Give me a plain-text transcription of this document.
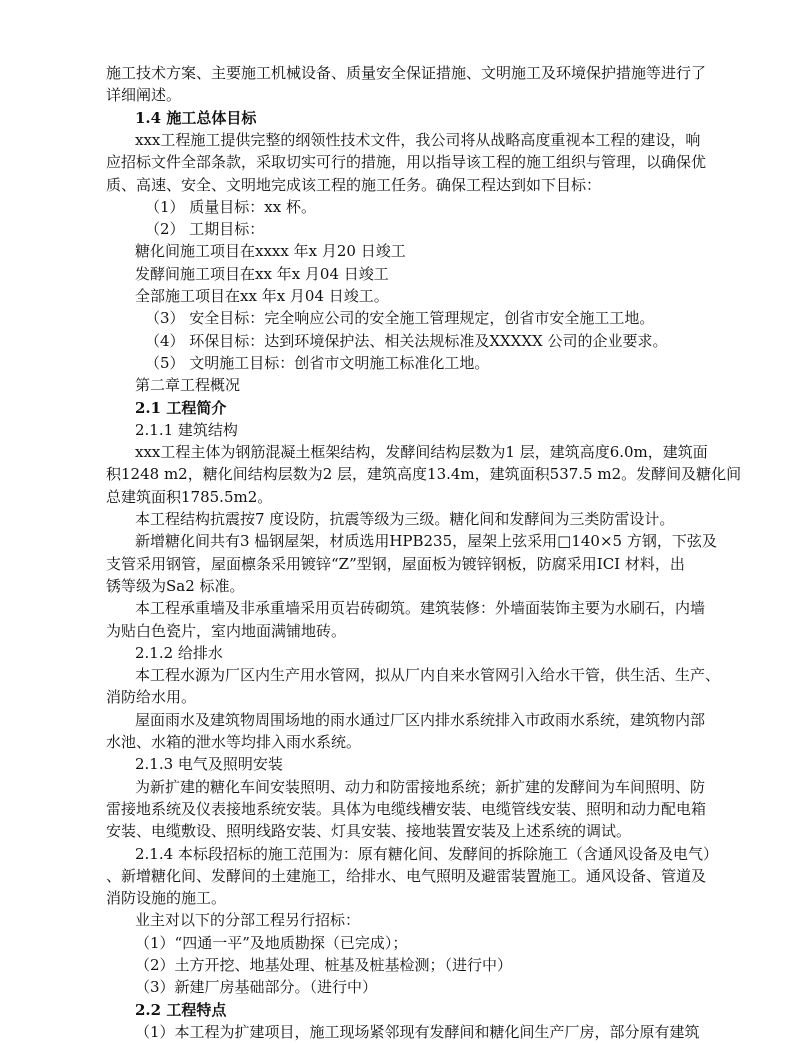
施工技术方案、主要施工机械设备、质量安全保证措施、文明施工及环境保护措施等进行了
详细阐述。
1.4 施工总体目标
xxx工程施工提供完整的纲领性技术文件，我公司将从战略高度重视本工程的建设，响
应招标文件全部条款，采取切实可行的措施，用以指导该工程的施工组织与管理，以确保优
质、高速、安全、文明地完成该工程的施工任务。确保工程达到如下目标：
（1） 质量目标：xx 杯。
（2） 工期目标：
糖化间施工项目在xxxx 年x 月20 日竣工
发酵间施工项目在xx 年x 月04 日竣工
全部施工项目在xx 年x 月04 日竣工。
（3） 安全目标：完全响应公司的安全施工管理规定，创省市安全施工工地。
（4） 环保目标：达到环境保护法、相关法规标准及XXXXX 公司的企业要求。
（5） 文明施工目标：创省市文明施工标准化工地。
第二章工程概况
2.1 工程简介
2.1.1 建筑结构
xxx工程主体为钢筋混凝土框架结构，发酵间结构层数为1 层，建筑高度6.0m，建筑面
积1248 m2，糖化间结构层数为2 层，建筑高度13.4m，建筑面积537.5 m2。发酵间及糖化间
总建筑面积1785.5m2。
本工程结构抗震按7 度设防，抗震等级为三级。糖化间和发酵间为三类防雷设计。
新增糖化间共有3 榀钢屋架，材质选用HPB235，屋架上弦采用□140×5 方钢，下弦及
支管采用钢管，屋面檩条采用镀锌“Z”型钢，屋面板为镀锌钢板，防腐采用ICI 材料，出
锈等级为Sa2 标准。
本工程承重墙及非承重墙采用页岩砖砌筑。建筑装修：外墙面装饰主要为水刷石，内墙
为贴白色瓷片，室内地面满铺地砖。
2.1.2 给排水
本工程水源为厂区内生产用水管网，拟从厂内自来水管网引入给水干管，供生活、生产、
消防给水用。
屋面雨水及建筑物周围场地的雨水通过厂区内排水系统排入市政雨水系统，建筑物内部
水池、水箱的泄水等均排入雨水系统。
2.1.3 电气及照明安装
为新扩建的糖化车间安装照明、动力和防雷接地系统；新扩建的发酵间为车间照明、防
雷接地系统及仪表接地系统安装。具体为电缆线槽安装、电缆管线安装、照明和动力配电箱
安装、电缆敷设、照明线路安装、灯具安装、接地装置安装及上述系统的调试。
2.1.4 本标段招标的施工范围为：原有糖化间、发酵间的拆除施工（含通风设备及电气）
、新增糖化间、发酵间的土建施工，给排水、电气照明及避雷装置施工。通风设备、管道及
消防设施的施工。
业主对以下的分部工程另行招标：
（1）“四通一平”及地质勘探（已完成）；
（2）土方开挖、地基处理、桩基及桩基检测；（进行中）
（3）新建厂房基础部分。（进行中）
2.2 工程特点
（1）本工程为扩建项目，施工现场紧邻现有发酵间和糖化间生产厂房，部分原有建筑
